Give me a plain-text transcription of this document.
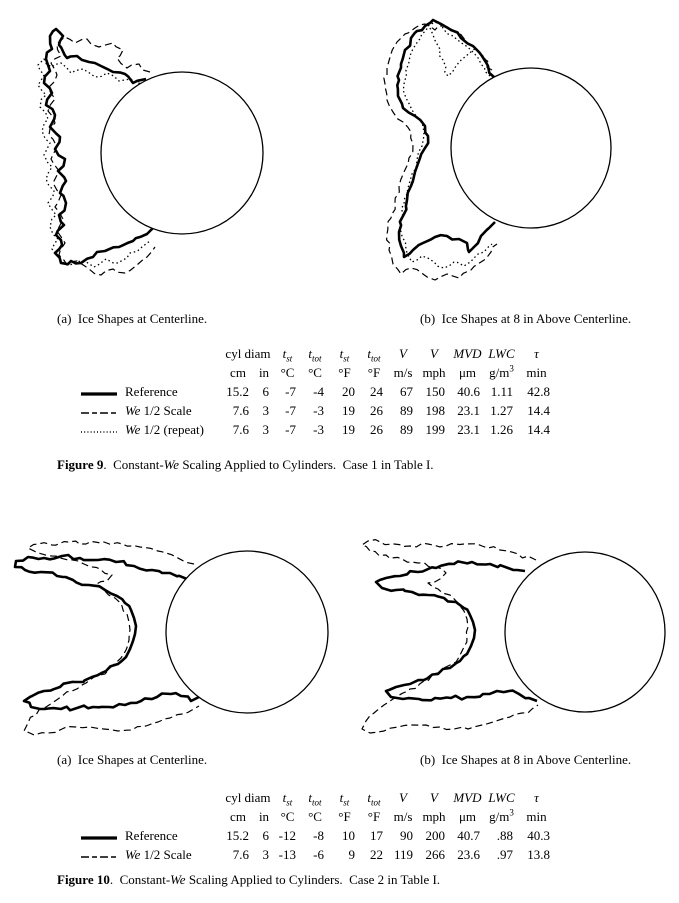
(a)  Ice Shapes at Centerline.	(b)  Ice Shapes at 8 in Above Centerline.
	cyl diam		$t_{st}$	$t_{tot}$	$t_{st}$	$t_{tot}$	V	V	MVD	LWC	τ
	cm	in	°C	°C	°F	°F	m/s	mph	μm	$g/m^3$	min
Reference	15.2	6	-7	-4	20	24	67	150	40.6	1.11	42.8
We 1/2 Scale	7.6	3	-7	-3	19	26	89	198	23.1	1.27	14.4
We 1/2 (repeat)	7.6	3	-7	-3	19	26	89	199	23.1	1.26	14.4
Figure 9.  Constant-We Scaling Applied to Cylinders.  Case 1 in Table I.
(a)  Ice Shapes at Centerline.	(b)  Ice Shapes at 8 in Above Centerline.
	cyl diam		$t_{st}$	$t_{tot}$	$t_{st}$	$t_{tot}$	V	V	MVD	LWC	τ
	cm	in	°C	°C	°F	°F	m/s	mph	μm	$g/m^3$	min
Reference	15.2	6	-12	-8	10	17	90	200	40.7	.88	40.3
We 1/2 Scale	7.6	3	-13	-6	9	22	119	266	23.6	.97	13.8
Figure 10.  Constant-We Scaling Applied to Cylinders.  Case 2 in Table I.
